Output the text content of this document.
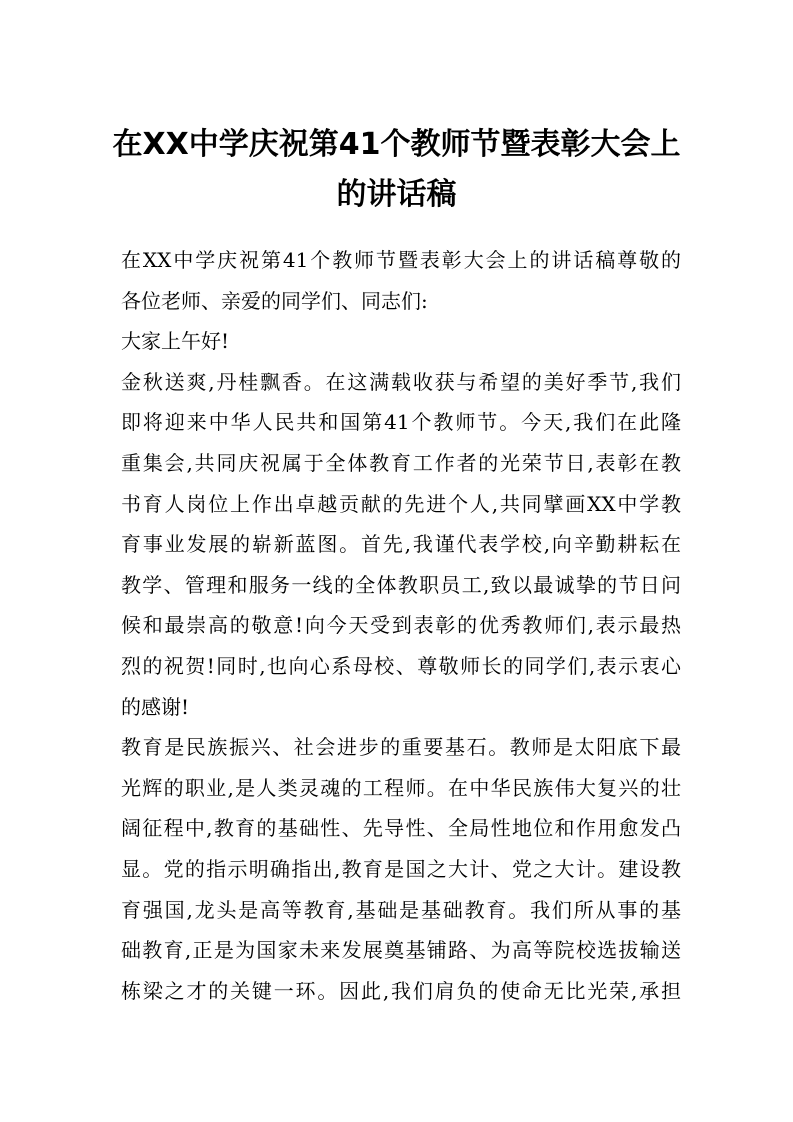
在XX中学庆祝第41个教师节暨表彰大会上
的讲话稿
在XX中学庆祝第41个教师节暨表彰大会上的讲话稿尊敬的
各位老师、亲爱的同学们、同志们:
大家上午好!
金秋送爽,丹桂飘香。在这满载收获与希望的美好季节,我们
即将迎来中华人民共和国第41个教师节。今天,我们在此隆
重集会,共同庆祝属于全体教育工作者的光荣节日,表彰在教
书育人岗位上作出卓越贡献的先进个人,共同擘画XX中学教
育事业发展的崭新蓝图。首先,我谨代表学校,向辛勤耕耘在
教学、管理和服务一线的全体教职员工,致以最诚挚的节日问
候和最崇高的敬意!向今天受到表彰的优秀教师们,表示最热
烈的祝贺!同时,也向心系母校、尊敬师长的同学们,表示衷心
的感谢!
教育是民族振兴、社会进步的重要基石。教师是太阳底下最
光辉的职业,是人类灵魂的工程师。在中华民族伟大复兴的壮
阔征程中,教育的基础性、先导性、全局性地位和作用愈发凸
显。党的指示明确指出,教育是国之大计、党之大计。建设教
育强国,龙头是高等教育,基础是基础教育。我们所从事的基
础教育,正是为国家未来发展奠基铺路、为高等院校选拔输送
栋梁之才的关键一环。因此,我们肩负的使命无比光荣,承担
